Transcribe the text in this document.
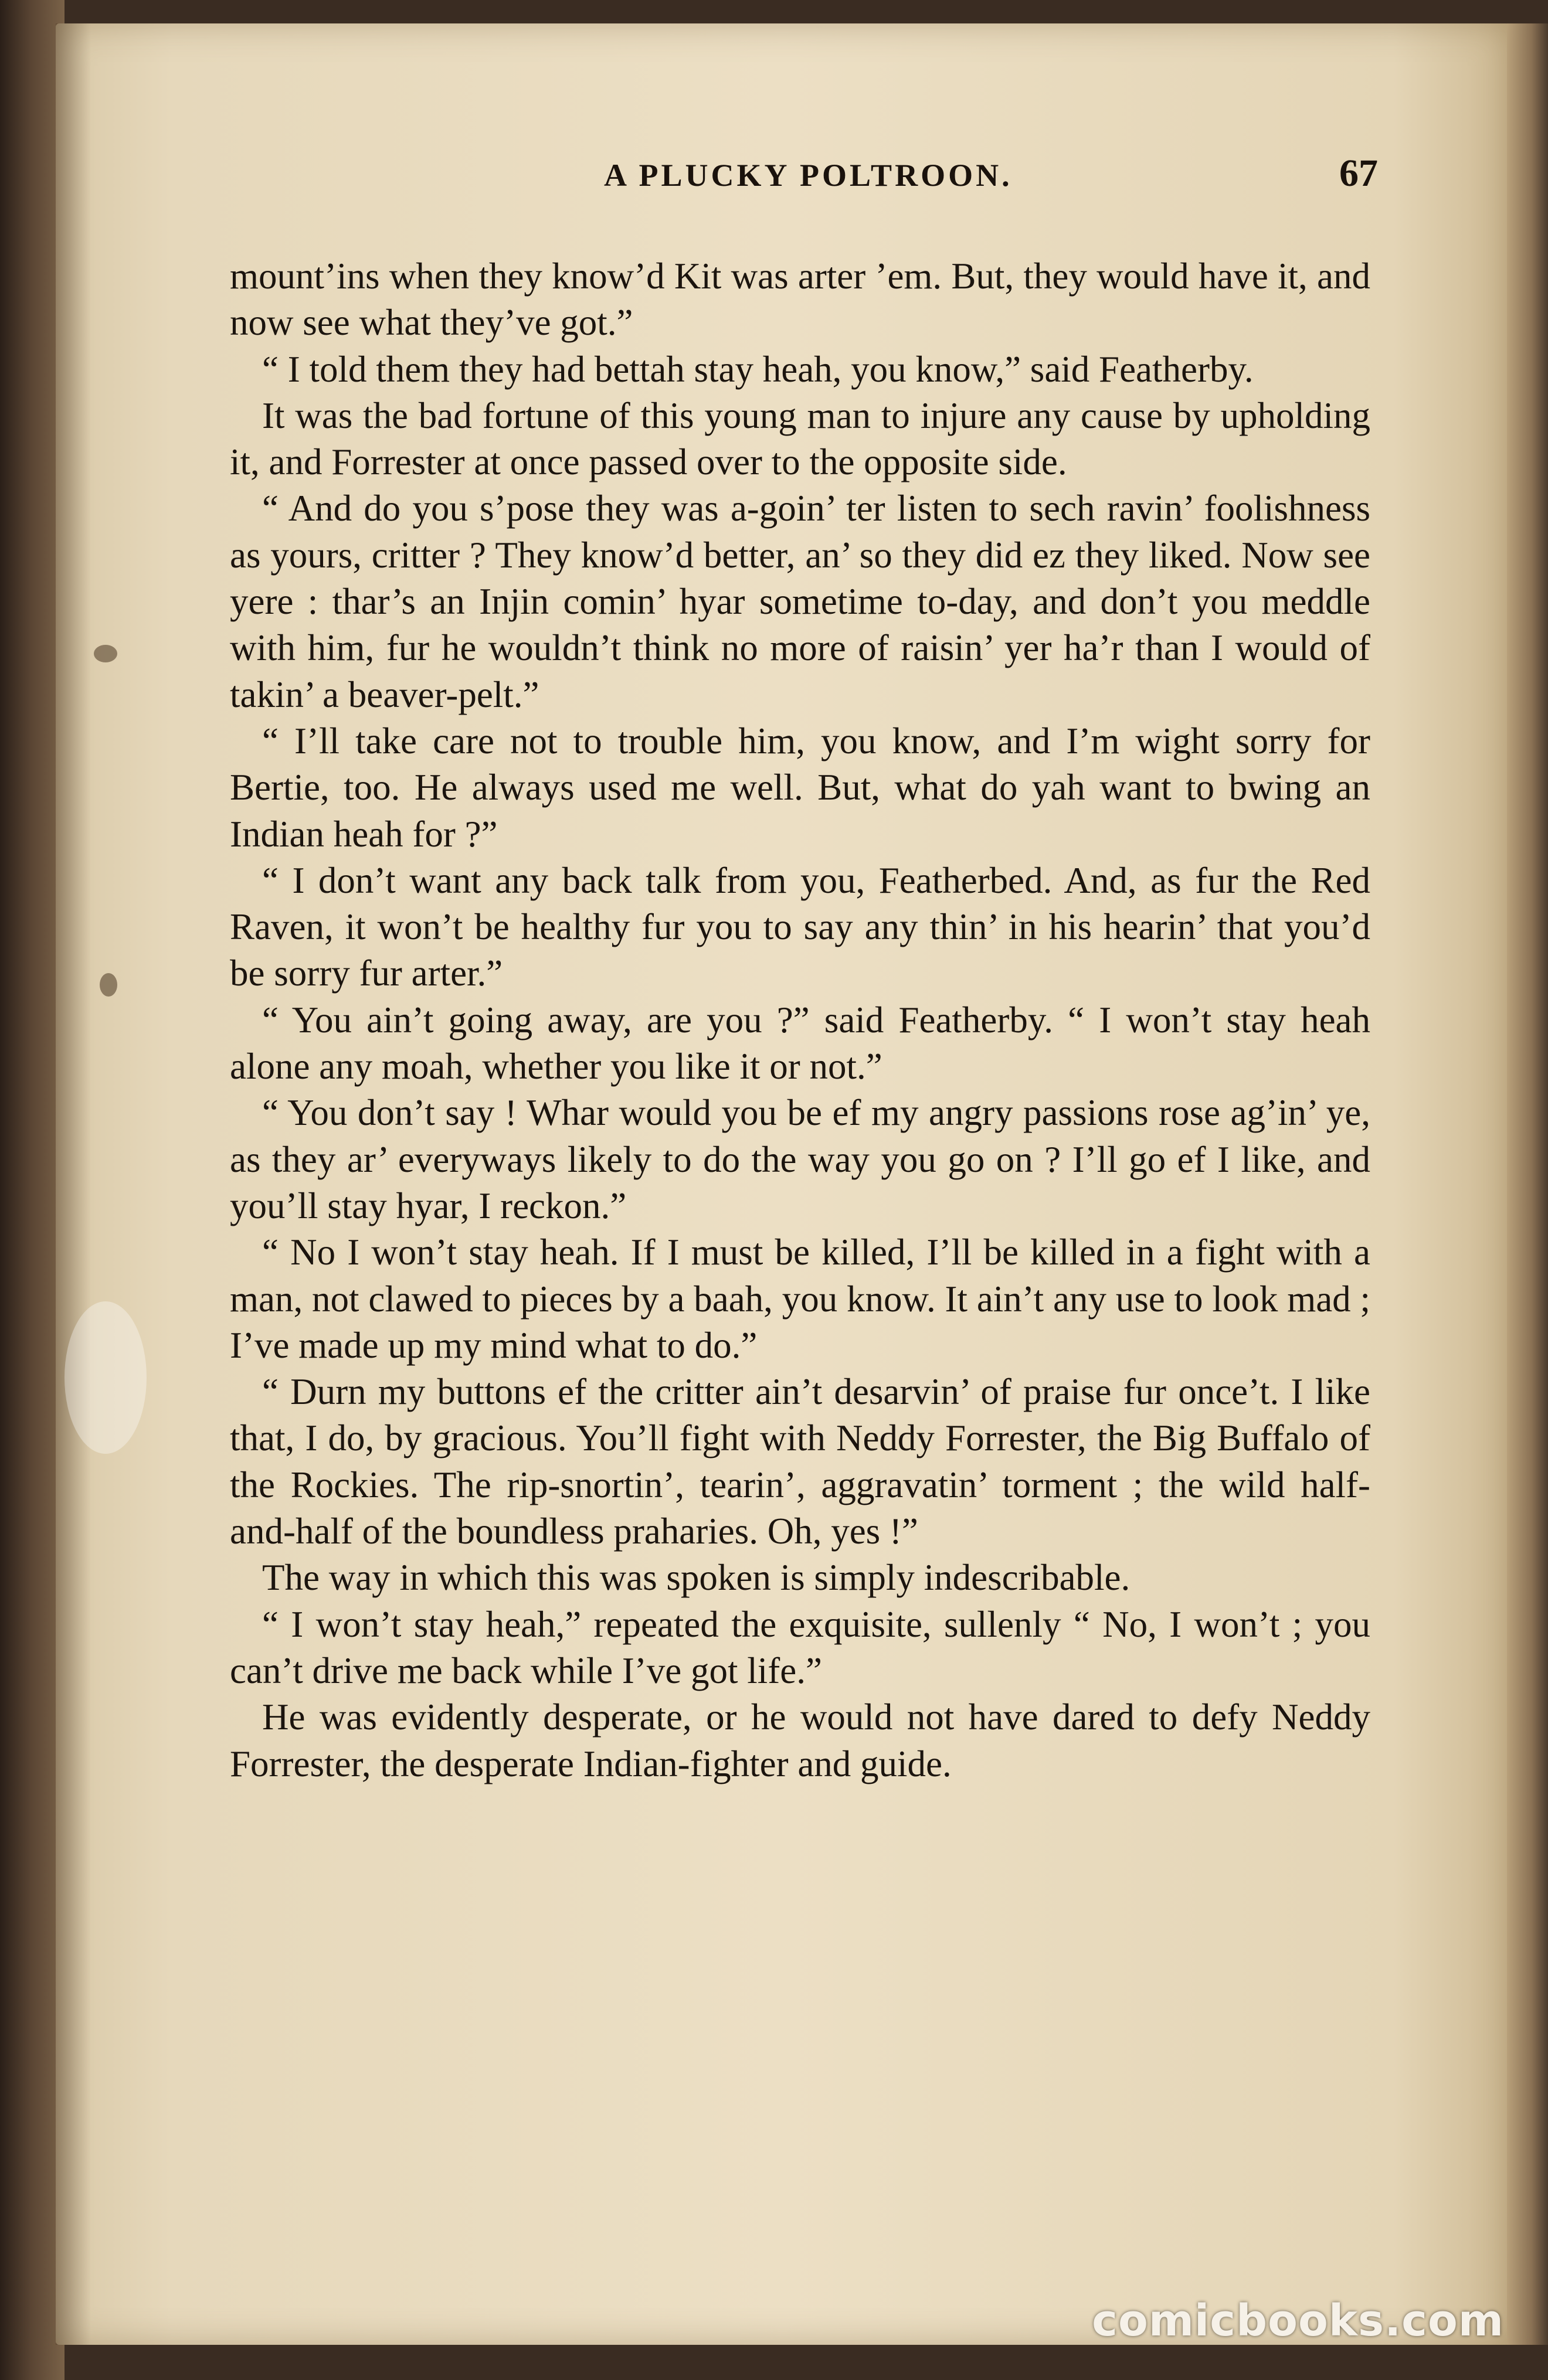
A PLUCKY POLTROON.	67

mount’ins when they know’d Kit was arter ’em. But, they would have it, and now see what they’ve got.”

“ I told them they had bettah stay heah, you know,” said Featherby.

It was the bad fortune of this young man to injure any cause by upholding it, and Forrester at once passed over to the opposite side.

“ And do you s’pose they was a-goin’ ter listen to sech ravin’ foolishness as yours, critter ? They know’d better, an’ so they did ez they liked. Now see yere : thar’s an Injin comin’ hyar sometime to-day, and don’t you meddle with him, fur he wouldn’t think no more of raisin’ yer ha’r than I would of takin’ a beaver-pelt.”

“ I’ll take care not to trouble him, you know, and I’m wight sorry for Bertie, too. He always used me well. But, what do yah want to bwing an Indian heah for ?”

“ I don’t want any back talk from you, Featherbed. And, as fur the Red Raven, it won’t be healthy fur you to say any thin’ in his hearin’ that you’d be sorry fur arter.”

“ You ain’t going away, are you ?” said Featherby. “ I won’t stay heah alone any moah, whether you like it or not.”

“ You don’t say ! Whar would you be ef my angry passions rose ag’in’ ye, as they ar’ everyways likely to do the way you go on ? I’ll go ef I like, and you’ll stay hyar, I reckon.”

“ No I won’t stay heah. If I must be killed, I’ll be killed in a fight with a man, not clawed to pieces by a baah, you know. It ain’t any use to look mad ; I’ve made up my mind what to do.”

“ Durn my buttons ef the critter ain’t desarvin’ of praise fur once’t. I like that, I do, by gracious. You’ll fight with Neddy Forrester, the Big Buffalo of the Rockies. The rip-snortin’, tearin’, aggravatin’ torment ; the wild half-and-half of the boundless praharies. Oh, yes !”

The way in which this was spoken is simply indescribable.

“ I won’t stay heah,” repeated the exquisite, sullenly “ No, I won’t ; you can’t drive me back while I’ve got life.”

He was evidently desperate, or he would not have dared to defy Neddy Forrester, the desperate Indian-fighter and guide.

comicbooks.com
